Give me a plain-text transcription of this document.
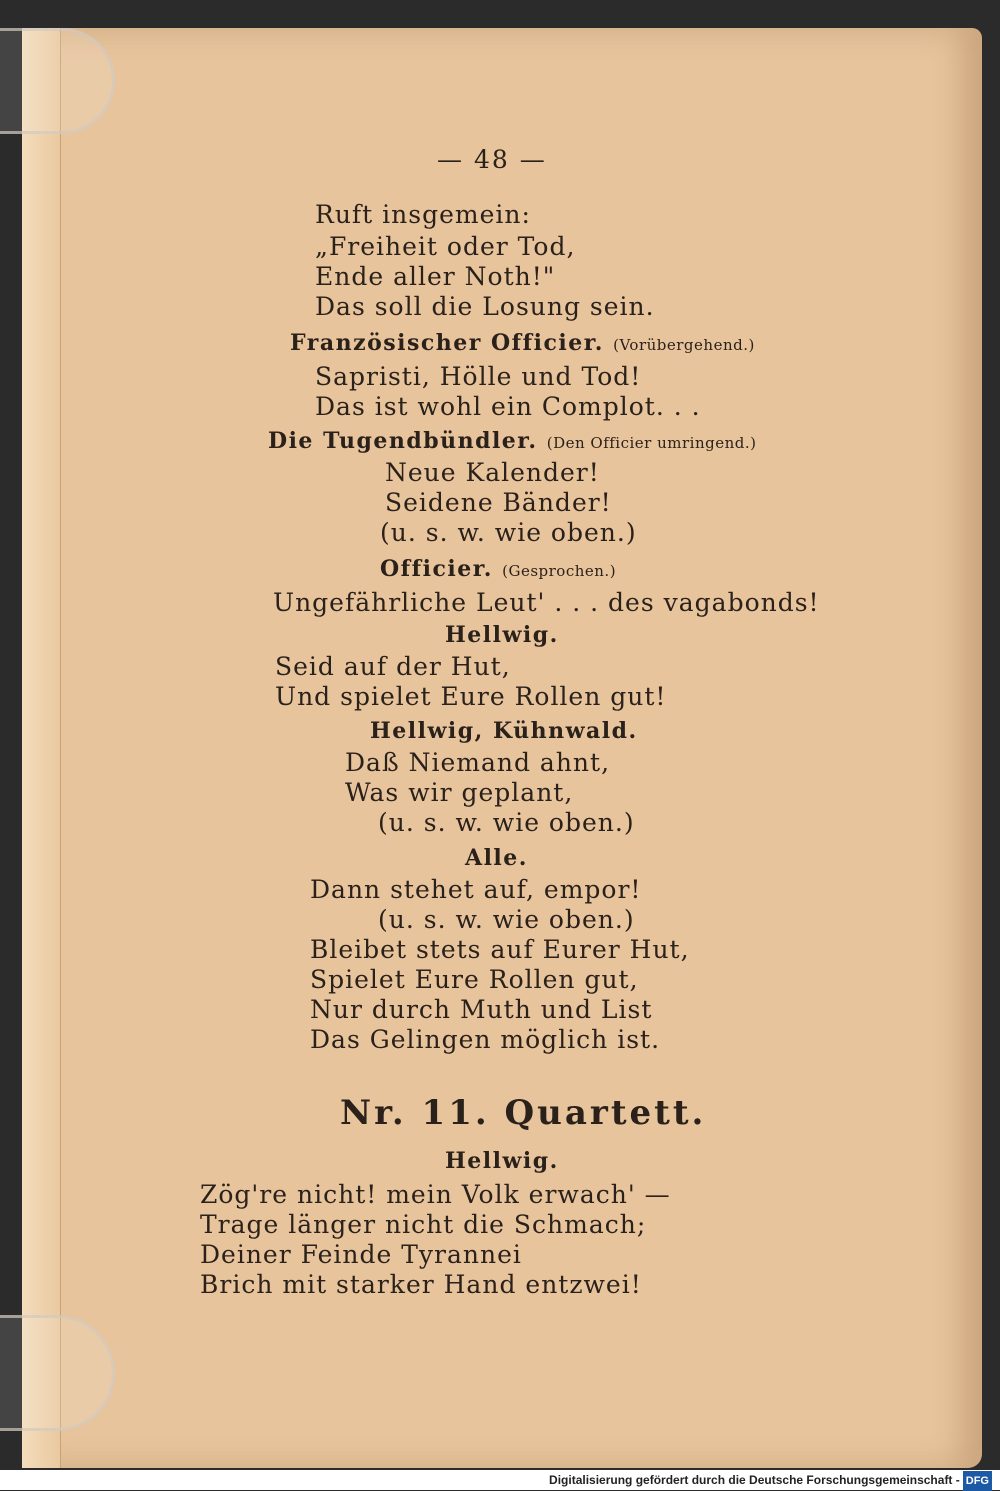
— 48 —
Ruft insgemein:
„Freiheit oder Tod,
Ende aller Noth!"
Das soll die Losung sein.
Französischer Officier. (Vorübergehend.)
Sapristi, Hölle und Tod!
Das ist wohl ein Complot. . .
Die Tugendbündler. (Den Officier umringend.)
Neue Kalender!
Seidene Bänder!
(u. s. w. wie oben.)
Officier. (Gesprochen.)
Ungefährliche Leut' . . . des vagabonds!
Hellwig.
Seid auf der Hut,
Und spielet Eure Rollen gut!
Hellwig, Kühnwald.
Daß Niemand ahnt,
Was wir geplant,
(u. s. w. wie oben.)
Alle.
Dann stehet auf, empor!
(u. s. w. wie oben.)
Bleibet stets auf Eurer Hut,
Spielet Eure Rollen gut,
Nur durch Muth und List
Das Gelingen möglich ist.
Nr. 11. Quartett.
Hellwig.
Zög're nicht! mein Volk erwach' —
Trage länger nicht die Schmach;
Deiner Feinde Tyrannei
Brich mit starker Hand entzwei!
Digitalisierung gefördert durch die Deutsche Forschungsgemeinschaft - DFG
